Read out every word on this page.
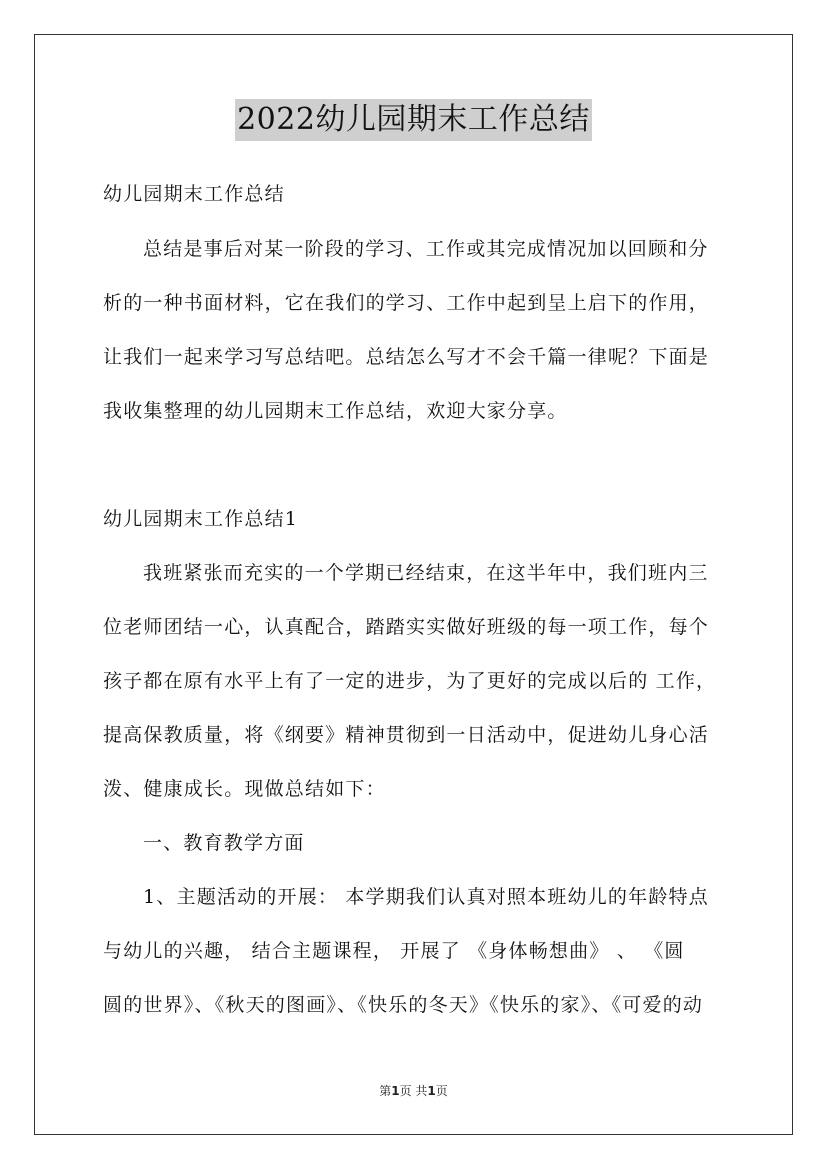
2022幼儿园期末工作总结
幼儿园期末工作总结
总结是事后对某一阶段的学习、工作或其完成情况加以回顾和分
析的一种书面材料，它在我们的学习、工作中起到呈上启下的作用，
让我们一起来学习写总结吧。总结怎么写才不会千篇一律呢？下面是
我收集整理的幼儿园期末工作总结，欢迎大家分享。
幼儿园期末工作总结1
我班紧张而充实的一个学期已经结束，在这半年中，我们班内三
位老师团结一心，认真配合，踏踏实实做好班级的每一项工作，每个
孩子都在原有水平上有了一定的进步，为了更好的完成以后的 工作，
提高保教质量，将《纲要》精神贯彻到一日活动中，促进幼儿身心活
泼、健康成长。现做总结如下：
一、教育教学方面
1、主题活动的开展： 本学期我们认真对照本班幼儿的年龄特点
与幼儿的兴趣， 结合主题课程， 开展了 《身体畅想曲》 、 《圆
圆的世界》、《秋天的图画》、《快乐的冬天》《快乐的家》、《可爱的动
第1页 共1页
